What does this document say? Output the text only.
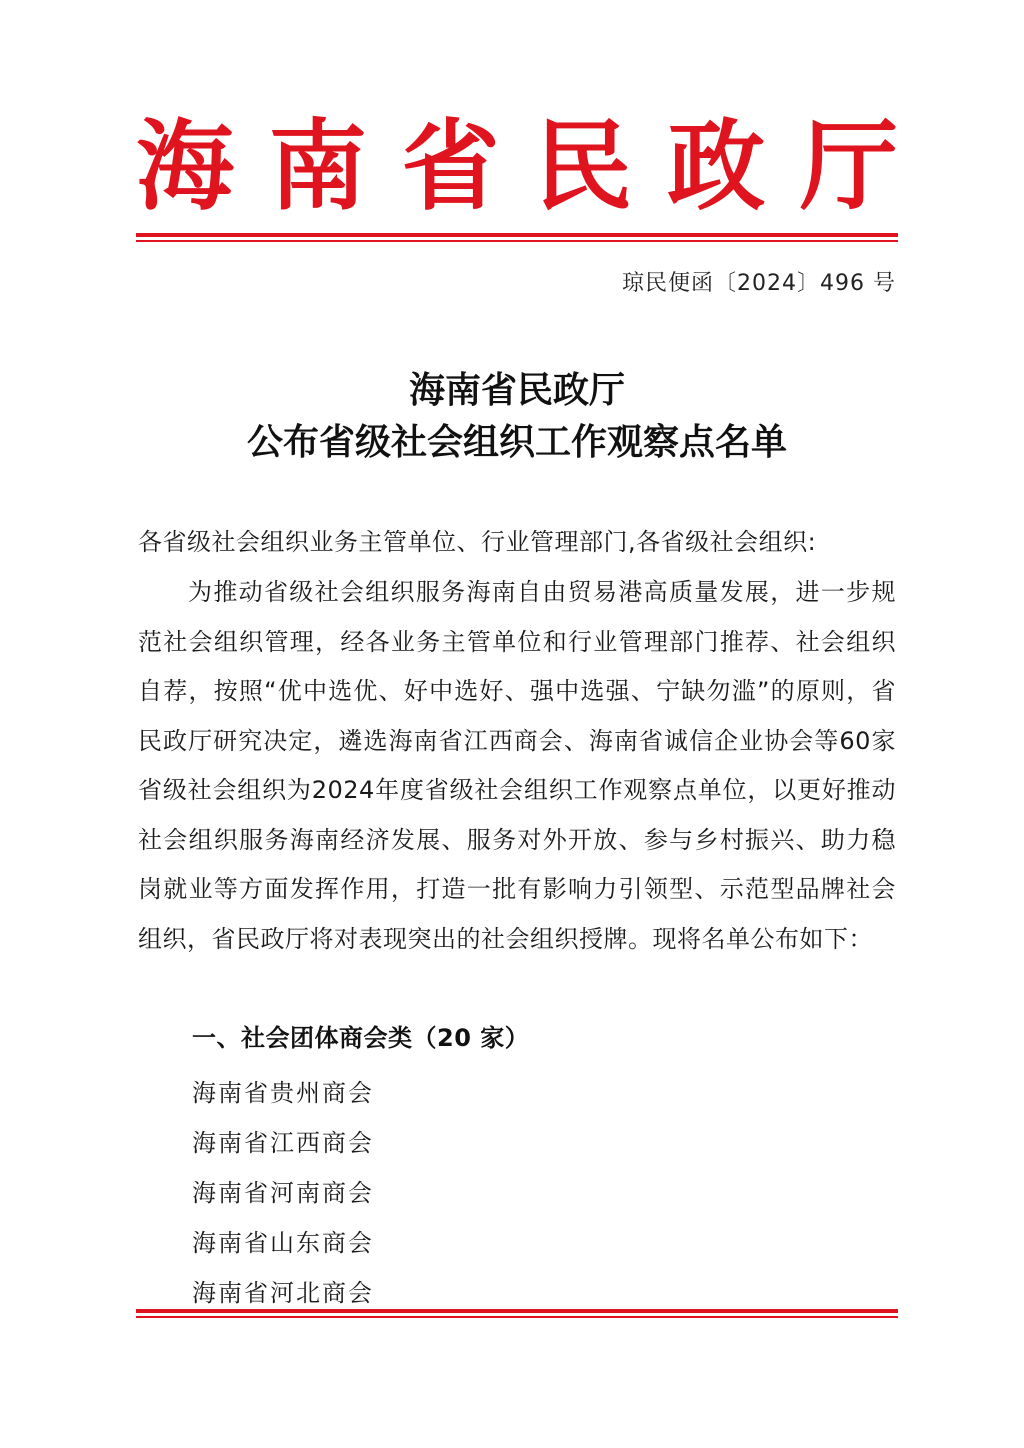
海 南 省 民 政 厅
琼民便函〔2024〕496 号
海南省民政厅
公布省级社会组织工作观察点名单
各省级社会组织业务主管单位、行业管理部门,各省级社会组织:
为推动省级社会组织服务海南自由贸易港高质量发展，进一步规范社会组织管理，经各业务主管单位和行业管理部门推荐、社会组织自荐，按照“优中选优、好中选好、强中选强、宁缺勿滥”的原则，省民政厅研究决定，遴选海南省江西商会、海南省诚信企业协会等60家省级社会组织为2024年度省级社会组织工作观察点单位，以更好推动社会组织服务海南经济发展、服务对外开放、参与乡村振兴、助力稳岗就业等方面发挥作用，打造一批有影响力引领型、示范型品牌社会组织，省民政厅将对表现突出的社会组织授牌。现将名单公布如下：
一、社会团体商会类（20 家）
海南省贵州商会
海南省江西商会
海南省河南商会
海南省山东商会
海南省河北商会
